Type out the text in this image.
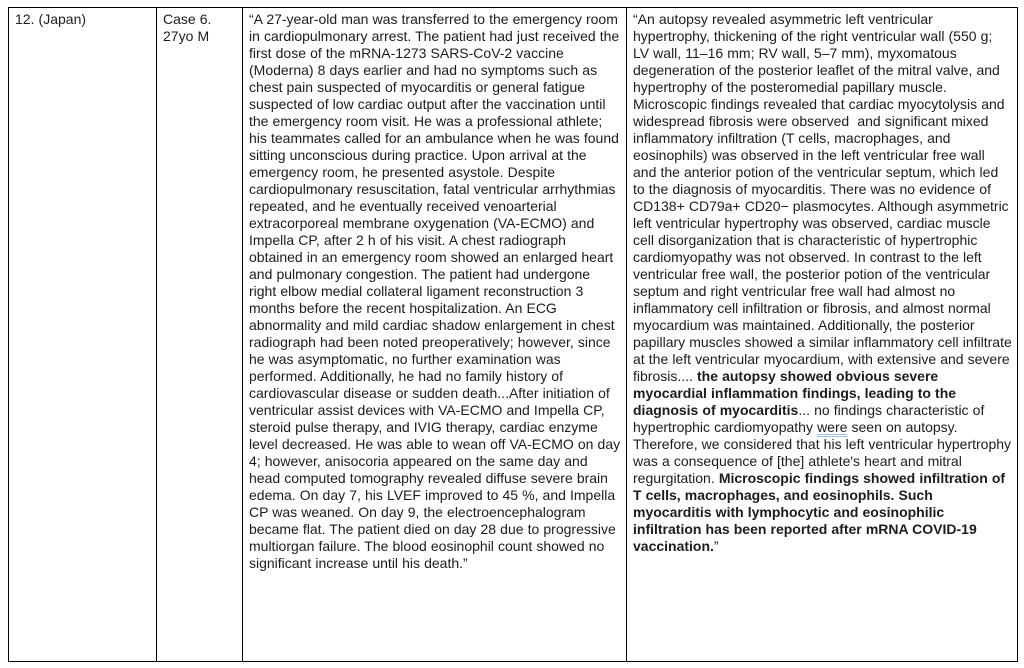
12. (Japan)	Case 6.
27yo M
“A 27-year-old man was transferred to the emergency room in cardiopulmonary arrest. The patient had just received the first dose of the mRNA-1273 SARS-CoV-2 vaccine (Moderna) 8 days earlier and had no symptoms such as chest pain suspected of myocarditis or general fatigue suspected of low cardiac output after the vaccination until the emergency room visit. He was a professional athlete; his teammates called for an ambulance when he was found sitting unconscious during practice. Upon arrival at the emergency room, he presented asystole. Despite cardiopulmonary resuscitation, fatal ventricular arrhythmias repeated, and he eventually received venoarterial extracorporeal membrane oxygenation (VA-ECMO) and Impella CP, after 2 h of his visit. A chest radiograph obtained in an emergency room showed an enlarged heart and pulmonary congestion. The patient had undergone right elbow medial collateral ligament reconstruction 3 months before the recent hospitalization. An ECG abnormality and mild cardiac shadow enlargement in chest radiograph had been noted preoperatively; however, since he was asymptomatic, no further examination was performed. Additionally, he had no family history of cardiovascular disease or sudden death...After initiation of ventricular assist devices with VA-ECMO and Impella CP, steroid pulse therapy, and IVIG therapy, cardiac enzyme level decreased. He was able to wean off VA-ECMO on day 4; however, anisocoria appeared on the same day and head computed tomography revealed diffuse severe brain edema. On day 7, his LVEF improved to 45 %, and Impella CP was weaned. On day 9, the electroencephalogram became flat. The patient died on day 28 due to progressive multiorgan failure. The blood eosinophil count showed no significant increase until his death.”
“An autopsy revealed asymmetric left ventricular hypertrophy, thickening of the right ventricular wall (550 g; LV wall, 11–16 mm; RV wall, 5–7 mm), myxomatous degeneration of the posterior leaflet of the mitral valve, and hypertrophy of the posteromedial papillary muscle. Microscopic findings revealed that cardiac myocytolysis and widespread fibrosis were observed  and significant mixed inflammatory infiltration (T cells, macrophages, and eosinophils) was observed in the left ventricular free wall and the anterior potion of the ventricular septum, which led to the diagnosis of myocarditis. There was no evidence of CD138+ CD79a+ CD20− plasmocytes. Although asymmetric left ventricular hypertrophy was observed, cardiac muscle cell disorganization that is characteristic of hypertrophic cardiomyopathy was not observed. In contrast to the left ventricular free wall, the posterior potion of the ventricular septum and right ventricular free wall had almost no inflammatory cell infiltration or fibrosis, and almost normal myocardium was maintained. Additionally, the posterior papillary muscles showed a similar inflammatory cell infiltrate at the left ventricular myocardium, with extensive and severe fibrosis.... the autopsy showed obvious severe myocardial inflammation findings, leading to the diagnosis of myocarditis... no findings characteristic of hypertrophic cardiomyopathy were seen on autopsy. Therefore, we considered that his left ventricular hypertrophy was a consequence of [the] athlete's heart and mitral regurgitation. Microscopic findings showed infiltration of T cells, macrophages, and eosinophils. Such myocarditis with lymphocytic and eosinophilic infiltration has been reported after mRNA COVID-19 vaccination.”
